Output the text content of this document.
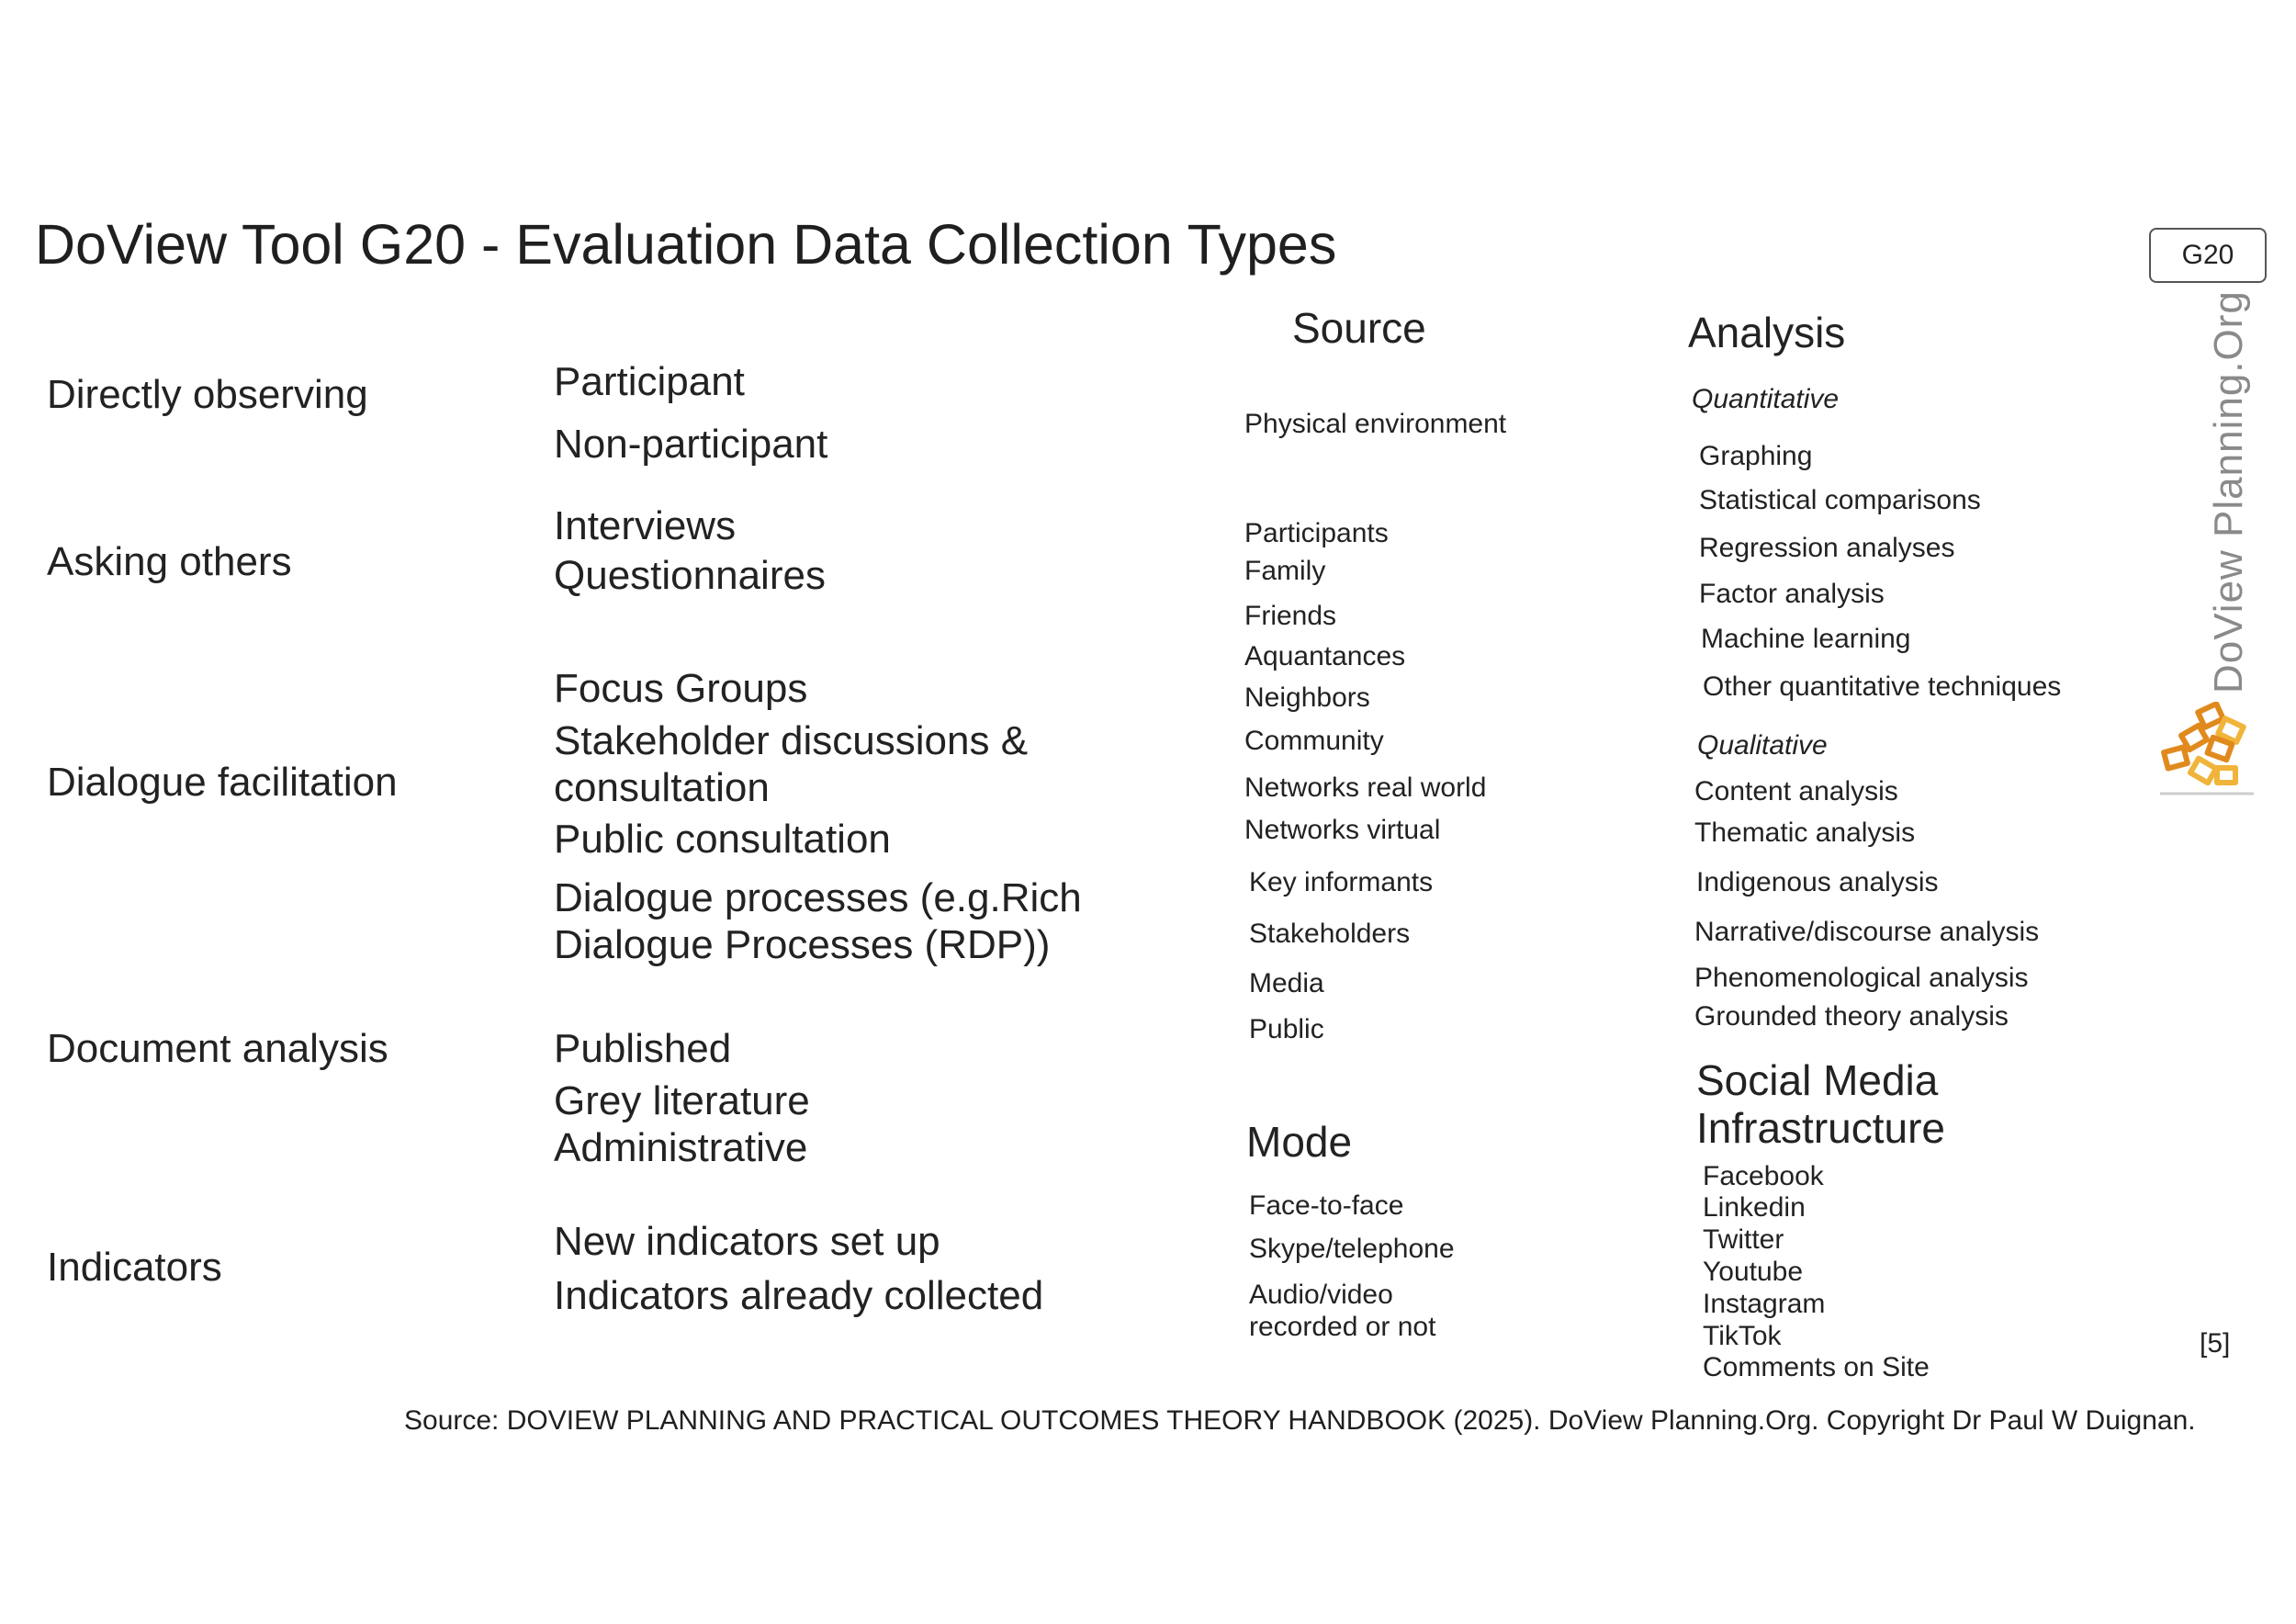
DoView Tool G20 - Evaluation Data Collection Types	G20
DoView Planning.Org
Directly observing
Asking others
Dialogue facilitation
Document analysis
Indicators
Participant
Non-participant
Interviews
Questionnaires
Focus Groups
Stakeholder discussions &
consultation
Public consultation
Dialogue processes (e.g.Rich
Dialogue Processes (RDP))
Published
Grey literature
Administrative
New indicators set up
Indicators already collected
Source
Physical environment
Participants
Family
Friends
Aquantances
Neighbors
Community
Networks real world
Networks virtual
Key informants
Stakeholders
Media
Public
Mode
Face-to-face
Skype/telephone
Audio/video
recorded or not
Analysis
Quantitative
Graphing
Statistical comparisons
Regression analyses
Factor analysis
Machine learning
Other quantitative techniques
Qualitative
Content analysis
Thematic analysis
Indigenous analysis
Narrative/discourse analysis
Phenomenological analysis
Grounded theory analysis
Social Media
Infrastructure
Facebook
Linkedin
Twitter
Youtube
Instagram
TikTok
Comments on Site
[5]
Source: DOVIEW PLANNING AND PRACTICAL OUTCOMES THEORY HANDBOOK (2025). DoView Planning.Org. Copyright Dr Paul W Duignan.
